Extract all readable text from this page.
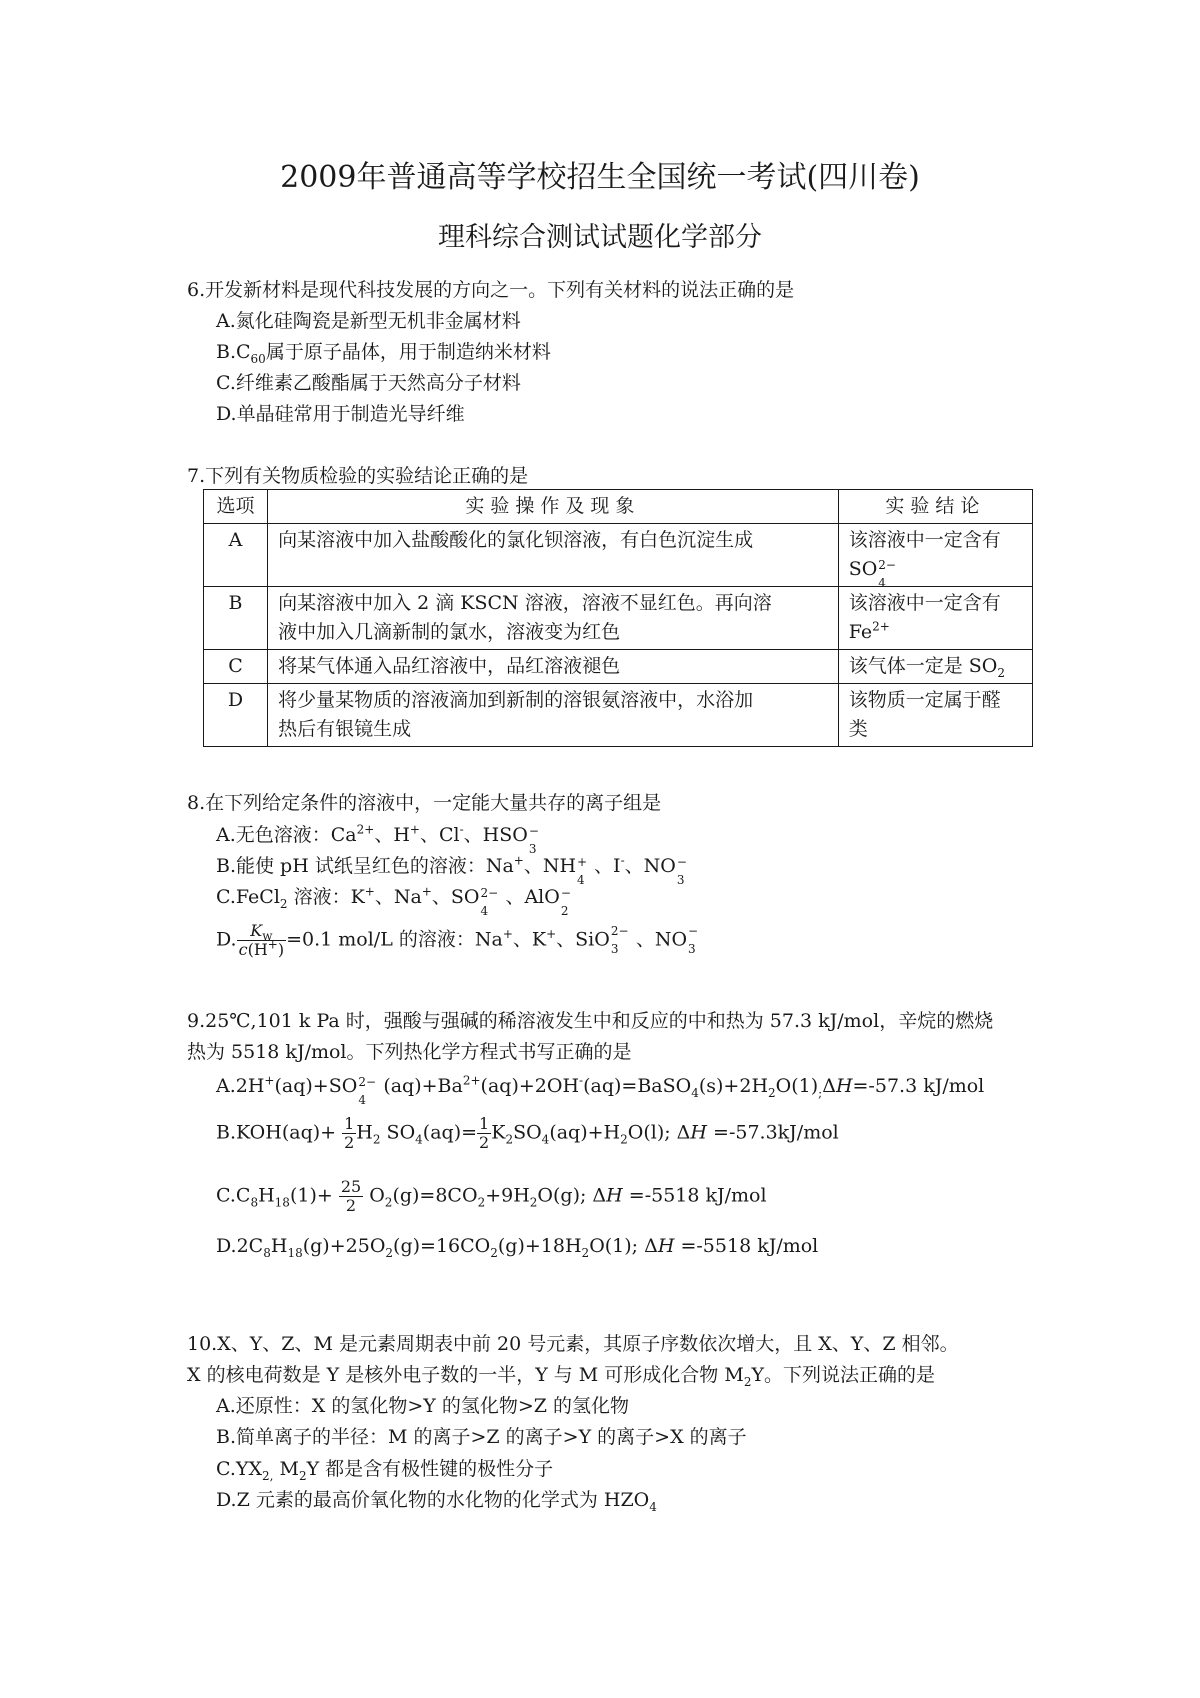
2009年普通高等学校招生全国统一考试(四川卷)
理科综合测试试题化学部分
6.开发新材料是现代科技发展的方向之一。下列有关材料的说法正确的是
A.氮化硅陶瓷是新型无机非金属材料
$B.C_{60}$属于原子晶体，用于制造纳米材料
C.纤维素乙酸酯属于天然高分子材料
D.单晶硅常用于制造光导纤维
7.下列有关物质检验的实验结论正确的是
选项	实验操作及现象	实验结论
A	向某溶液中加入盐酸酸化的氯化钡溶液，有白色沉淀生成	该溶液中一定含有
SO 2−
4

B	向某溶液中加入 2 滴 KSCN 溶液，溶液不显红色。再向溶
液中加入几滴新制的氯水，溶液变为红色	该溶液中一定含有
$Fe^{2+}$
C	将某气体通入品红溶液中，品红溶液褪色	该气体一定是 $SO_2$
D	将少量某物质的溶液滴加到新制的溶银氨溶液中，水浴加
热后有银镜生成	该物质一定属于醛
类
8.在下列给定条件的溶液中，一定能大量共存的离子组是
A.无色溶液：$Ca^{2+}$、H+、Cl-、HSO −
3
B.能使 pH 试纸呈红色的溶液：Na+、NH +
4
、I-、NO −
3
C.FeCl$_2$ 溶液：K+、Na+、SO 2−
4
、AlO −
2
D. $\frac{K_w}{c(H^+)} =0.1$ mol/L 的溶液：Na+、K+、SiO 2−
3 、NO −
3
9.25℃,101 k Pa 时，强酸与强碱的稀溶液发生中和反应的中和热为 57.3 kJ/mol，辛烷的燃烧
热为 5518 kJ/mol。下列热化学方程式书写正确的是
A.2H+(aq)+SO 2−
4
$(aq)+Ba^{2+}(aq)+2OH^-(aq)=BaSO_4(s)+2H_2O(1)_;\Delta H=-57.3$ kJ/mol
$B.KOH(aq)+ \frac{1}{2} H_2$ $SO_4(aq)= \frac{1}{2} K_2SO_4(aq)+H_2O(l)$; ΔH =-57.3kJ/mol
$C.C_8H_{18}(1)+ \frac{25}{2} O_2(g)=8CO_2+9H_2O(g)$; ΔH =-5518 kJ/mol
$D.2C_8H_{18}(g)+25O_2(g)=16CO_2(g)+18H_2O(1)$; ΔH =-5518 kJ/mol
10.X、Y、Z、M 是元素周期表中前 20 号元素，其原子序数依次增大，且 X、Y、Z 相邻。
X 的核电荷数是 Y 是核外电子数的一半，Y 与 M 可形成化合物 $M_2Y$。下列说法正确的是
A.还原性：X 的氢化物>Y 的氢化物>Z 的氢化物
B.简单离子的半径：M 的离子>Z 的离子>Y 的离子>X 的离子
$C.YX_{2,}$ $M_2Y$ 都是含有极性键的极性分子
D.Z 元素的最高价氧化物的水化物的化学式为 $HZO_4$
